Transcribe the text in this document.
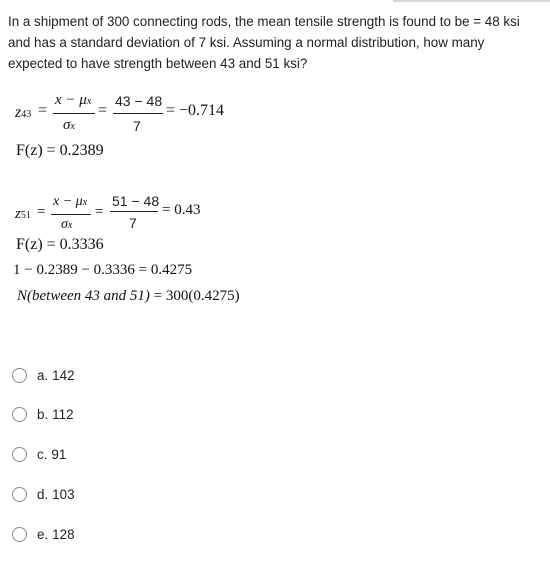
In a shipment of 300 connecting rods, the mean tensile strength is found to be = 48 ksi and has a standard deviation of 7 ksi. Assuming a normal distribution, how many expected to have strength between 43 and 51 ksi?
z43 =
x − μx
σx
=
43 − 48
7
= −0.714
F(z) = 0.2389
z51 =
x − μx
σx
=
51 − 48
7
= 0.43
F(z) = 0.3336
1 − 0.2389 − 0.3336 = 0.4275
N(between 43 and 51) = 300(0.4275)
a. 142
b. 112
c. 91
d. 103
e. 128
